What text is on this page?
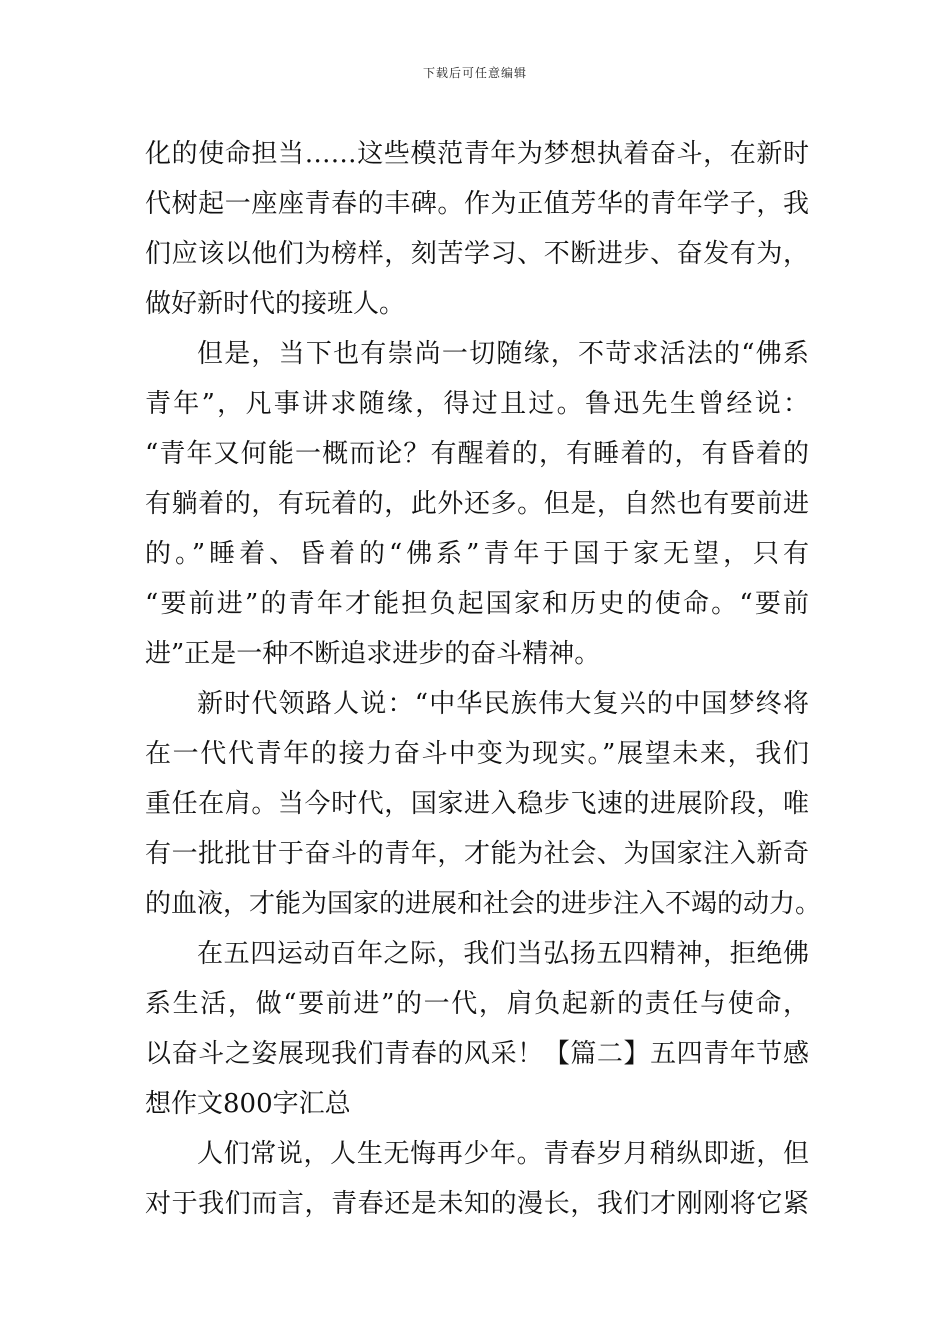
下载后可任意编辑
化的使命担当……这些模范青年为梦想执着奋斗，在新时
代树起一座座青春的丰碑。作为正值芳华的青年学子，我
们应该以他们为榜样，刻苦学习、不断进步、奋发有为，
做好新时代的接班人。
但是，当下也有崇尚一切随缘，不苛求活法的“佛系
青年”，凡事讲求随缘，得过且过。鲁迅先生曾经说：
“青年又何能一概而论？有醒着的，有睡着的，有昏着的
有躺着的，有玩着的，此外还多。但是，自然也有要前进
的。”睡着、昏着的“佛系”青年于国于家无望，只有
“要前进”的青年才能担负起国家和历史的使命。“要前
进”正是一种不断追求进步的奋斗精神。
新时代领路人说：“中华民族伟大复兴的中国梦终将
在一代代青年的接力奋斗中变为现实。”展望未来，我们
重任在肩。当今时代，国家进入稳步飞速的进展阶段，唯
有一批批甘于奋斗的青年，才能为社会、为国家注入新奇
的血液，才能为国家的进展和社会的进步注入不竭的动力。
在五四运动百年之际，我们当弘扬五四精神，拒绝佛
系生活，做“要前进”的一代，肩负起新的责任与使命，
以奋斗之姿展现我们青春的风采！【篇二】五四青年节感
想作文800字汇总
人们常说，人生无悔再少年。青春岁月稍纵即逝，但
对于我们而言，青春还是未知的漫长，我们才刚刚将它紧
